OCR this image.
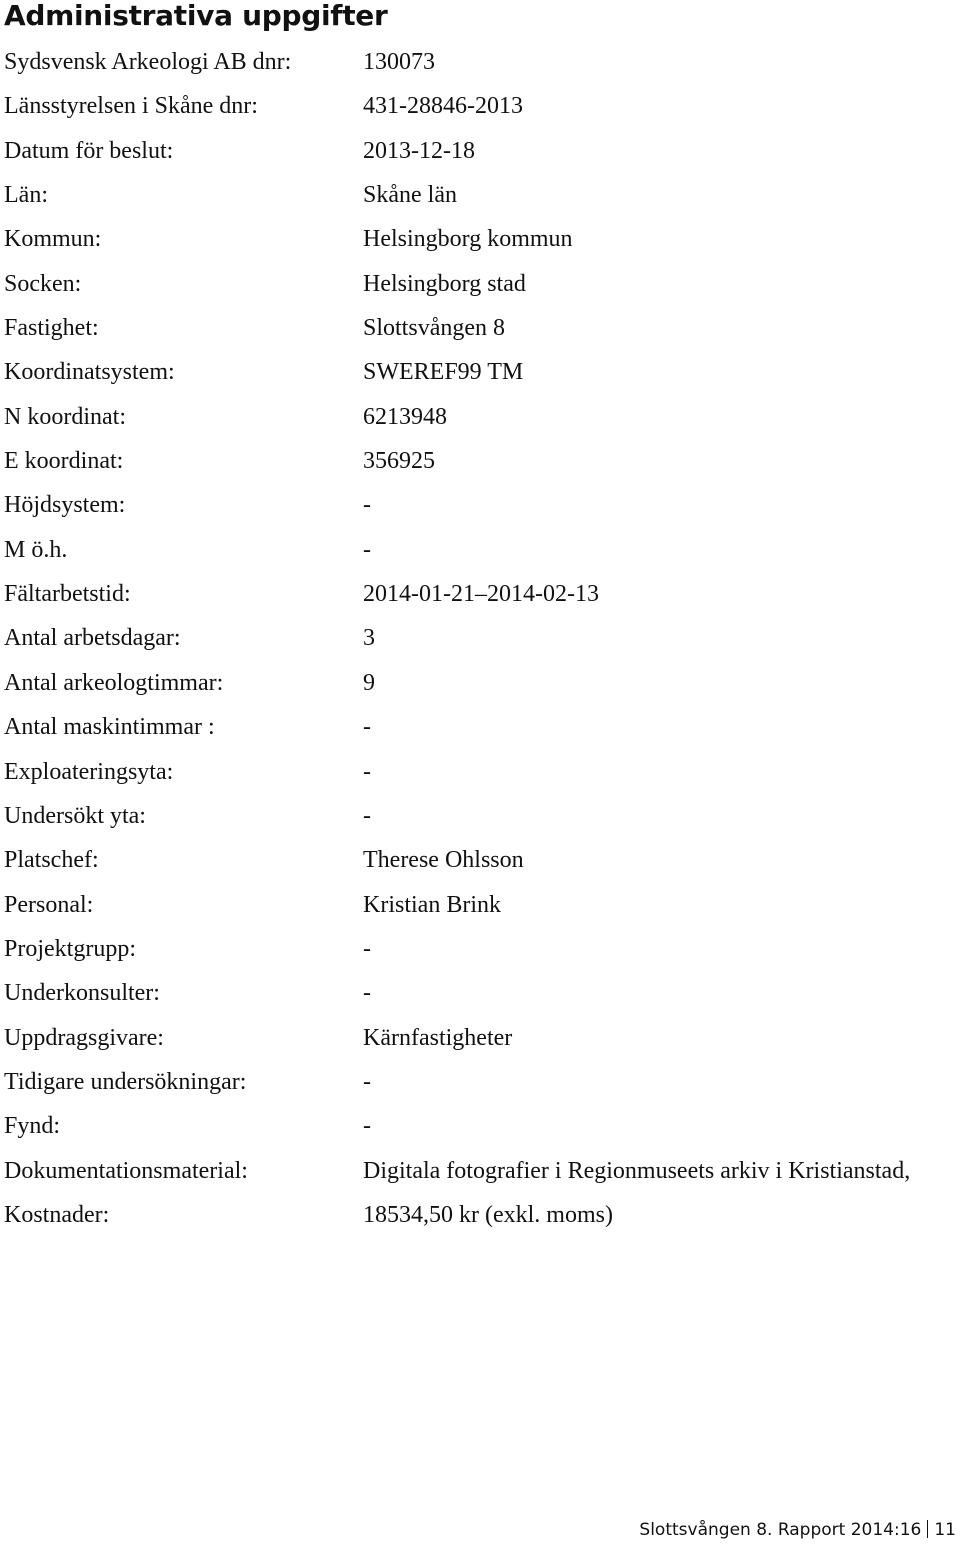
Administrativa uppgifter
Sydsvensk Arkeologi AB dnr:	130073
Länsstyrelsen i Skåne dnr:	431-28846-2013
Datum för beslut:	2013-12-18
Län:	Skåne län
Kommun:	Helsingborg kommun
Socken:	Helsingborg stad
Fastighet:	Slottsvången 8
Koordinatsystem:	SWEREF99 TM
N koordinat:	6213948
E koordinat:	356925
Höjdsystem:	-
M ö.h.	-
Fältarbetstid:	2014-01-21–2014-02-13
Antal arbetsdagar:	3
Antal arkeologtimmar:	9
Antal maskintimmar :	-
Exploateringsyta:	-
Undersökt yta:	-
Platschef:	Therese Ohlsson
Personal:	Kristian Brink
Projektgrupp:	-
Underkonsulter:	-
Uppdragsgivare:	Kärnfastigheter
Tidigare undersökningar:	-
Fynd:	-
Dokumentationsmaterial:	Digitala fotografier i Regionmuseets arkiv i Kristianstad,
Kostnader:	18534,50 kr (exkl. moms)
Slottsvången 8. Rapport 2014:16 11
